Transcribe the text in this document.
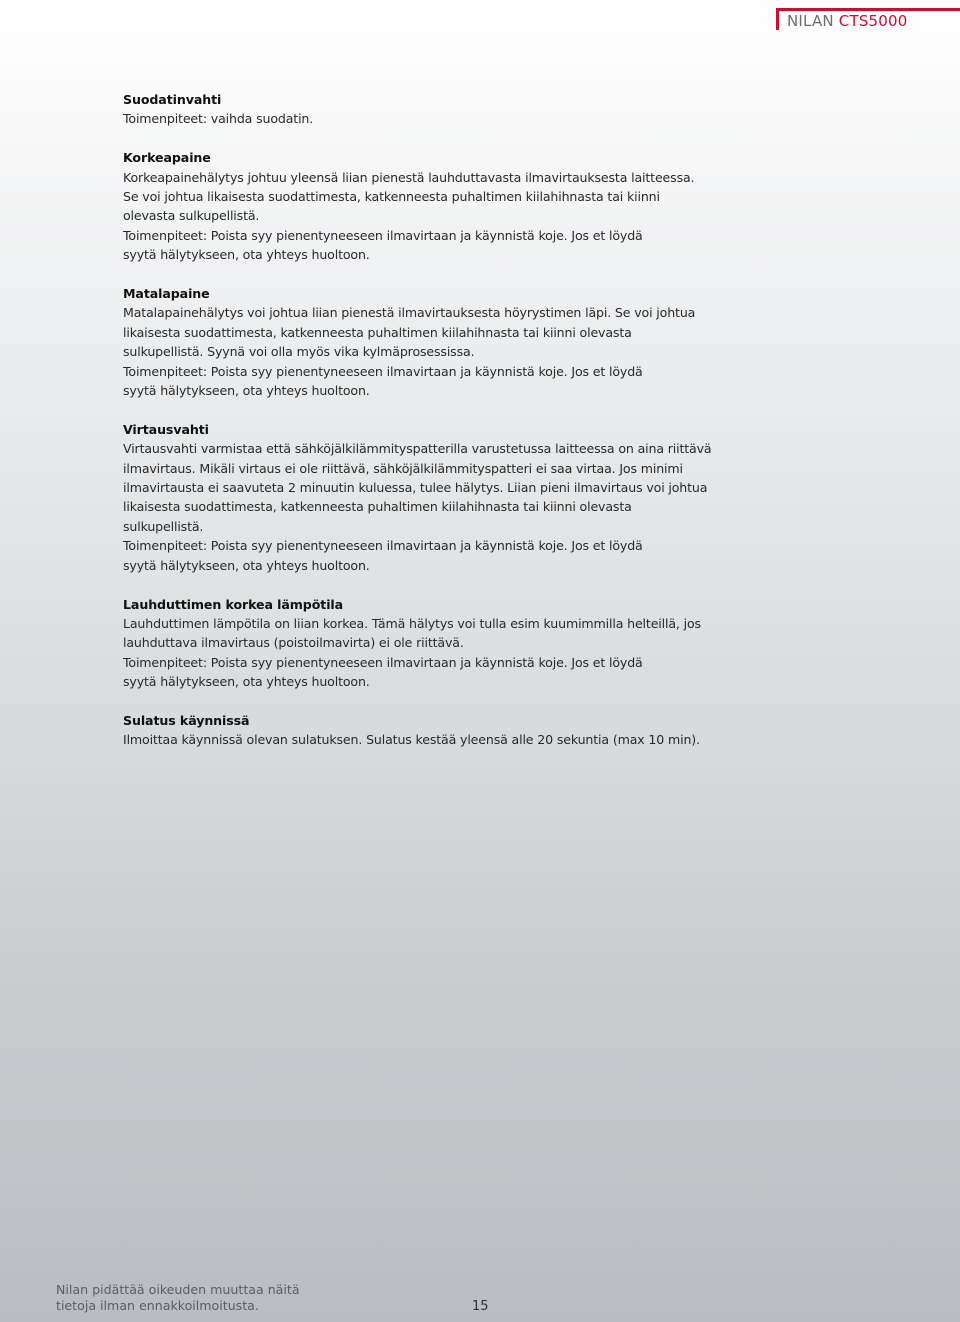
NILAN CTS5000
Suodatinvahti
Toimenpiteet: vaihda suodatin.
Korkeapaine
Korkeapainehälytys johtuu yleensä liian pienestä lauhduttavasta ilmavirtauksesta laitteessa.
Se voi johtua likaisesta suodattimesta, katkenneesta puhaltimen kiilahihnasta tai kiinni
olevasta sulkupellistä.
Toimenpiteet: Poista syy pienentyneeseen ilmavirtaan ja käynnistä koje. Jos et löydä
syytä hälytykseen, ota yhteys huoltoon.
Matalapaine
Matalapainehälytys voi johtua liian pienestä ilmavirtauksesta höyrystimen läpi. Se voi johtua
likaisesta suodattimesta, katkenneesta puhaltimen kiilahihnasta tai kiinni olevasta
sulkupellistä. Syynä voi olla myös vika kylmäprosessissa.
Toimenpiteet: Poista syy pienentyneeseen ilmavirtaan ja käynnistä koje. Jos et löydä
syytä hälytykseen, ota yhteys huoltoon.
Virtausvahti
Virtausvahti varmistaa että sähköjälkilämmityspatterilla varustetussa laitteessa on aina riittävä
ilmavirtaus. Mikäli virtaus ei ole riittävä, sähköjälkilämmityspatteri ei saa virtaa. Jos minimi
ilmavirtausta ei saavuteta 2 minuutin kuluessa, tulee hälytys. Liian pieni ilmavirtaus voi johtua
likaisesta suodattimesta, katkenneesta puhaltimen kiilahihnasta tai kiinni olevasta
sulkupellistä.
Toimenpiteet: Poista syy pienentyneeseen ilmavirtaan ja käynnistä koje. Jos et löydä
syytä hälytykseen, ota yhteys huoltoon.
Lauhduttimen korkea lämpötila
Lauhduttimen lämpötila on liian korkea. Tämä hälytys voi tulla esim kuumimmilla helteillä, jos
lauhduttava ilmavirtaus (poistoilmavirta) ei ole riittävä.
Toimenpiteet: Poista syy pienentyneeseen ilmavirtaan ja käynnistä koje. Jos et löydä
syytä hälytykseen, ota yhteys huoltoon.
Sulatus käynnissä
Ilmoittaa käynnissä olevan sulatuksen. Sulatus kestää yleensä alle 20 sekuntia (max 10 min).
Nilan pidättää oikeuden muuttaa näitä
tietoja ilman ennakkoilmoitusta.	15
